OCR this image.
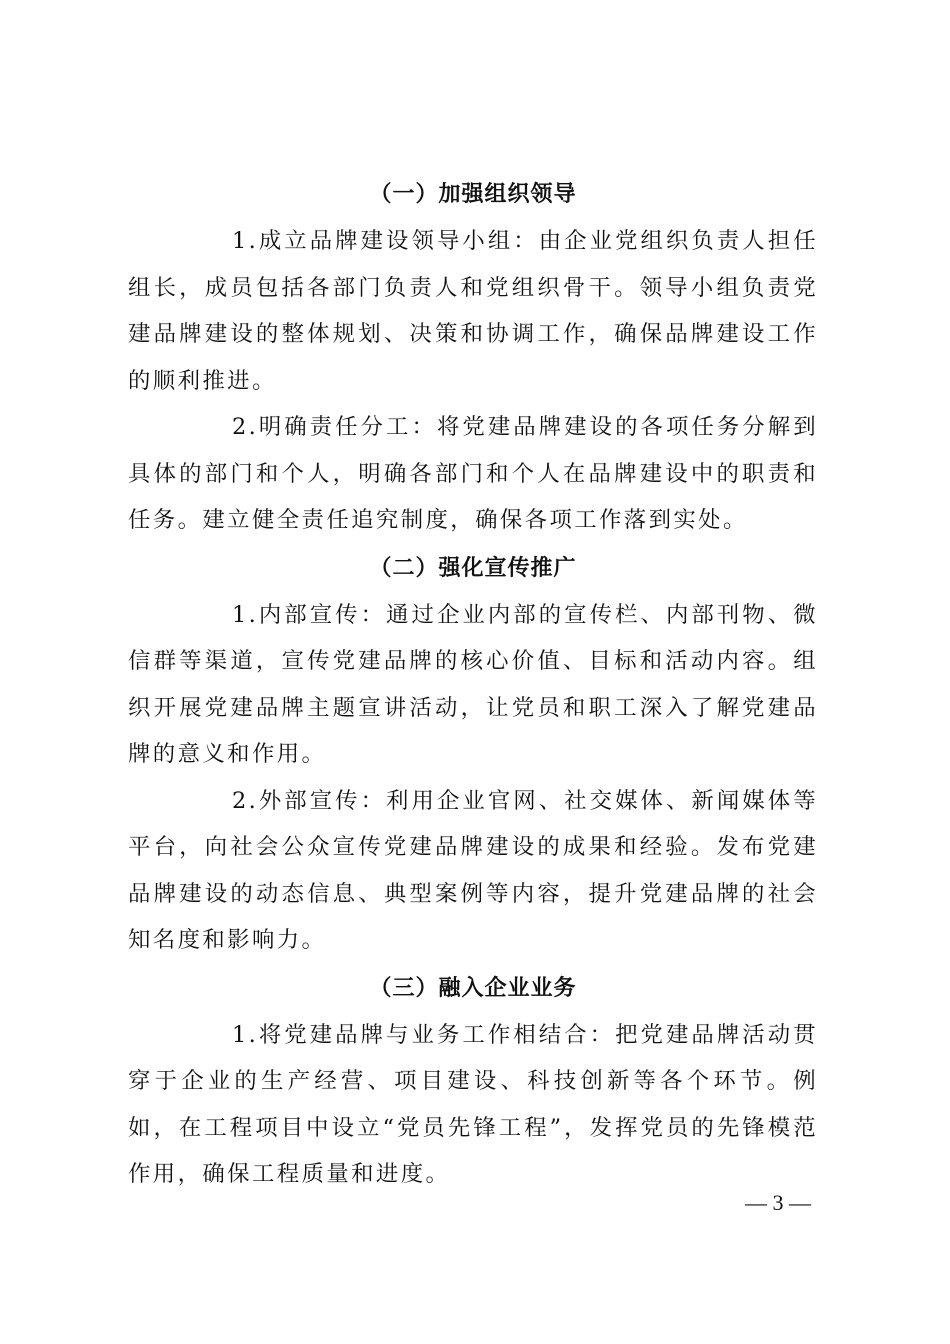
（一）加强组织领导

1.成立品牌建设领导小组：由企业党组织负责人担任组长，成员包括各部门负责人和党组织骨干。领导小组负责党建品牌建设的整体规划、决策和协调工作，确保品牌建设工作的顺利推进。

2.明确责任分工：将党建品牌建设的各项任务分解到具体的部门和个人，明确各部门和个人在品牌建设中的职责和任务。建立健全责任追究制度，确保各项工作落到实处。

（二）强化宣传推广

1.内部宣传：通过企业内部的宣传栏、内部刊物、微信群等渠道，宣传党建品牌的核心价值、目标和活动内容。组织开展党建品牌主题宣讲活动，让党员和职工深入了解党建品牌的意义和作用。

2.外部宣传：利用企业官网、社交媒体、新闻媒体等平台，向社会公众宣传党建品牌建设的成果和经验。发布党建品牌建设的动态信息、典型案例等内容，提升党建品牌的社会知名度和影响力。

（三）融入企业业务

1.将党建品牌与业务工作相结合：把党建品牌活动贯穿于企业的生产经营、项目建设、科技创新等各个环节。例如，在工程项目中设立“党员先锋工程”，发挥党员的先锋模范作用，确保工程质量和进度。

— 3 —
